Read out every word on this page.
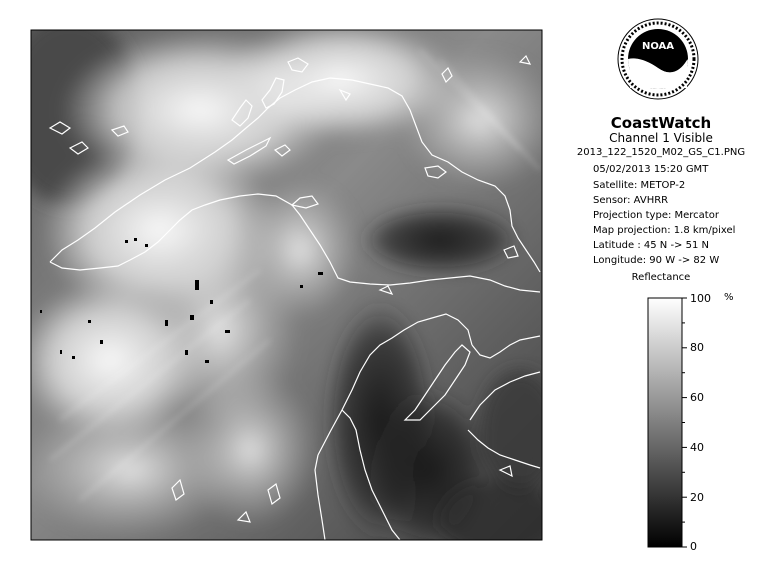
NOAA
CoastWatch
Channel 1 Visible
2013_122_1520_M02_GS_C1.PNG
05/02/2013 15:20 GMT
Satellite: METOP-2
Sensor: AVHRR
Projection type: Mercator
Map projection: 1.8 km/pixel
Latitude : 45 N -> 51 N
Longitude: 90 W -> 82 W
Reflectance
%
100
80
60
40
20
0
